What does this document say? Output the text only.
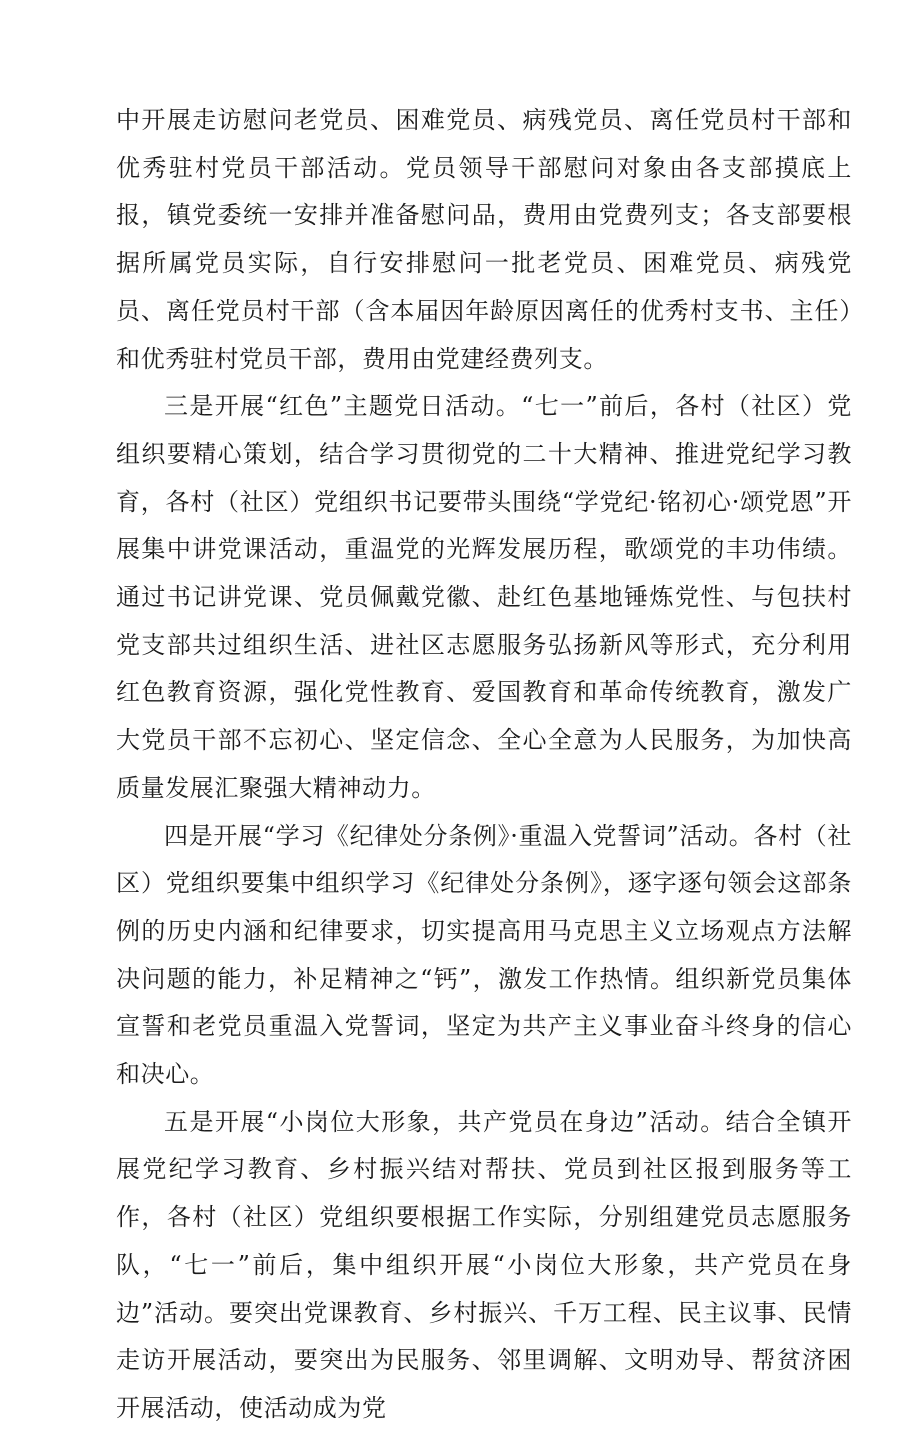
中开展走访慰问老党员、困难党员、病残党员、离任党员村干部和优秀驻村党员干部活动。党员领导干部慰问对象由各支部摸底上报，镇党委统一安排并准备慰问品，费用由党费列支；各支部要根据所属党员实际，自行安排慰问一批老党员、困难党员、病残党员、离任党员村干部（含本届因年龄原因离任的优秀村支书、主任）和优秀驻村党员干部，费用由党建经费列支。

三是开展“红色”主题党日活动。“七一”前后，各村（社区）党组织要精心策划，结合学习贯彻党的二十大精神、推进党纪学习教育，各村（社区）党组织书记要带头围绕“学党纪·铭初心·颂党恩”开展集中讲党课活动，重温党的光辉发展历程，歌颂党的丰功伟绩。通过书记讲党课、党员佩戴党徽、赴红色基地锤炼党性、与包扶村党支部共过组织生活、进社区志愿服务弘扬新风等形式，充分利用红色教育资源，强化党性教育、爱国教育和革命传统教育，激发广大党员干部不忘初心、坚定信念、全心全意为人民服务，为加快高质量发展汇聚强大精神动力。

四是开展“学习《纪律处分条例》·重温入党誓词”活动。各村（社区）党组织要集中组织学习《纪律处分条例》，逐字逐句领会这部条例的历史内涵和纪律要求，切实提高用马克思主义立场观点方法解决问题的能力，补足精神之“钙”，激发工作热情。组织新党员集体宣誓和老党员重温入党誓词，坚定为共产主义事业奋斗终身的信心和决心。

五是开展“小岗位大形象，共产党员在身边”活动。结合全镇开展党纪学习教育、乡村振兴结对帮扶、党员到社区报到服务等工作，各村（社区）党组织要根据工作实际，分别组建党员志愿服务队，“七一”前后，集中组织开展“小岗位大形象，共产党员在身边”活动。要突出党课教育、乡村振兴、千万工程、民主议事、民情走访开展活动，要突出为民服务、邻里调解、文明劝导、帮贫济困开展活动，使活动成为党
